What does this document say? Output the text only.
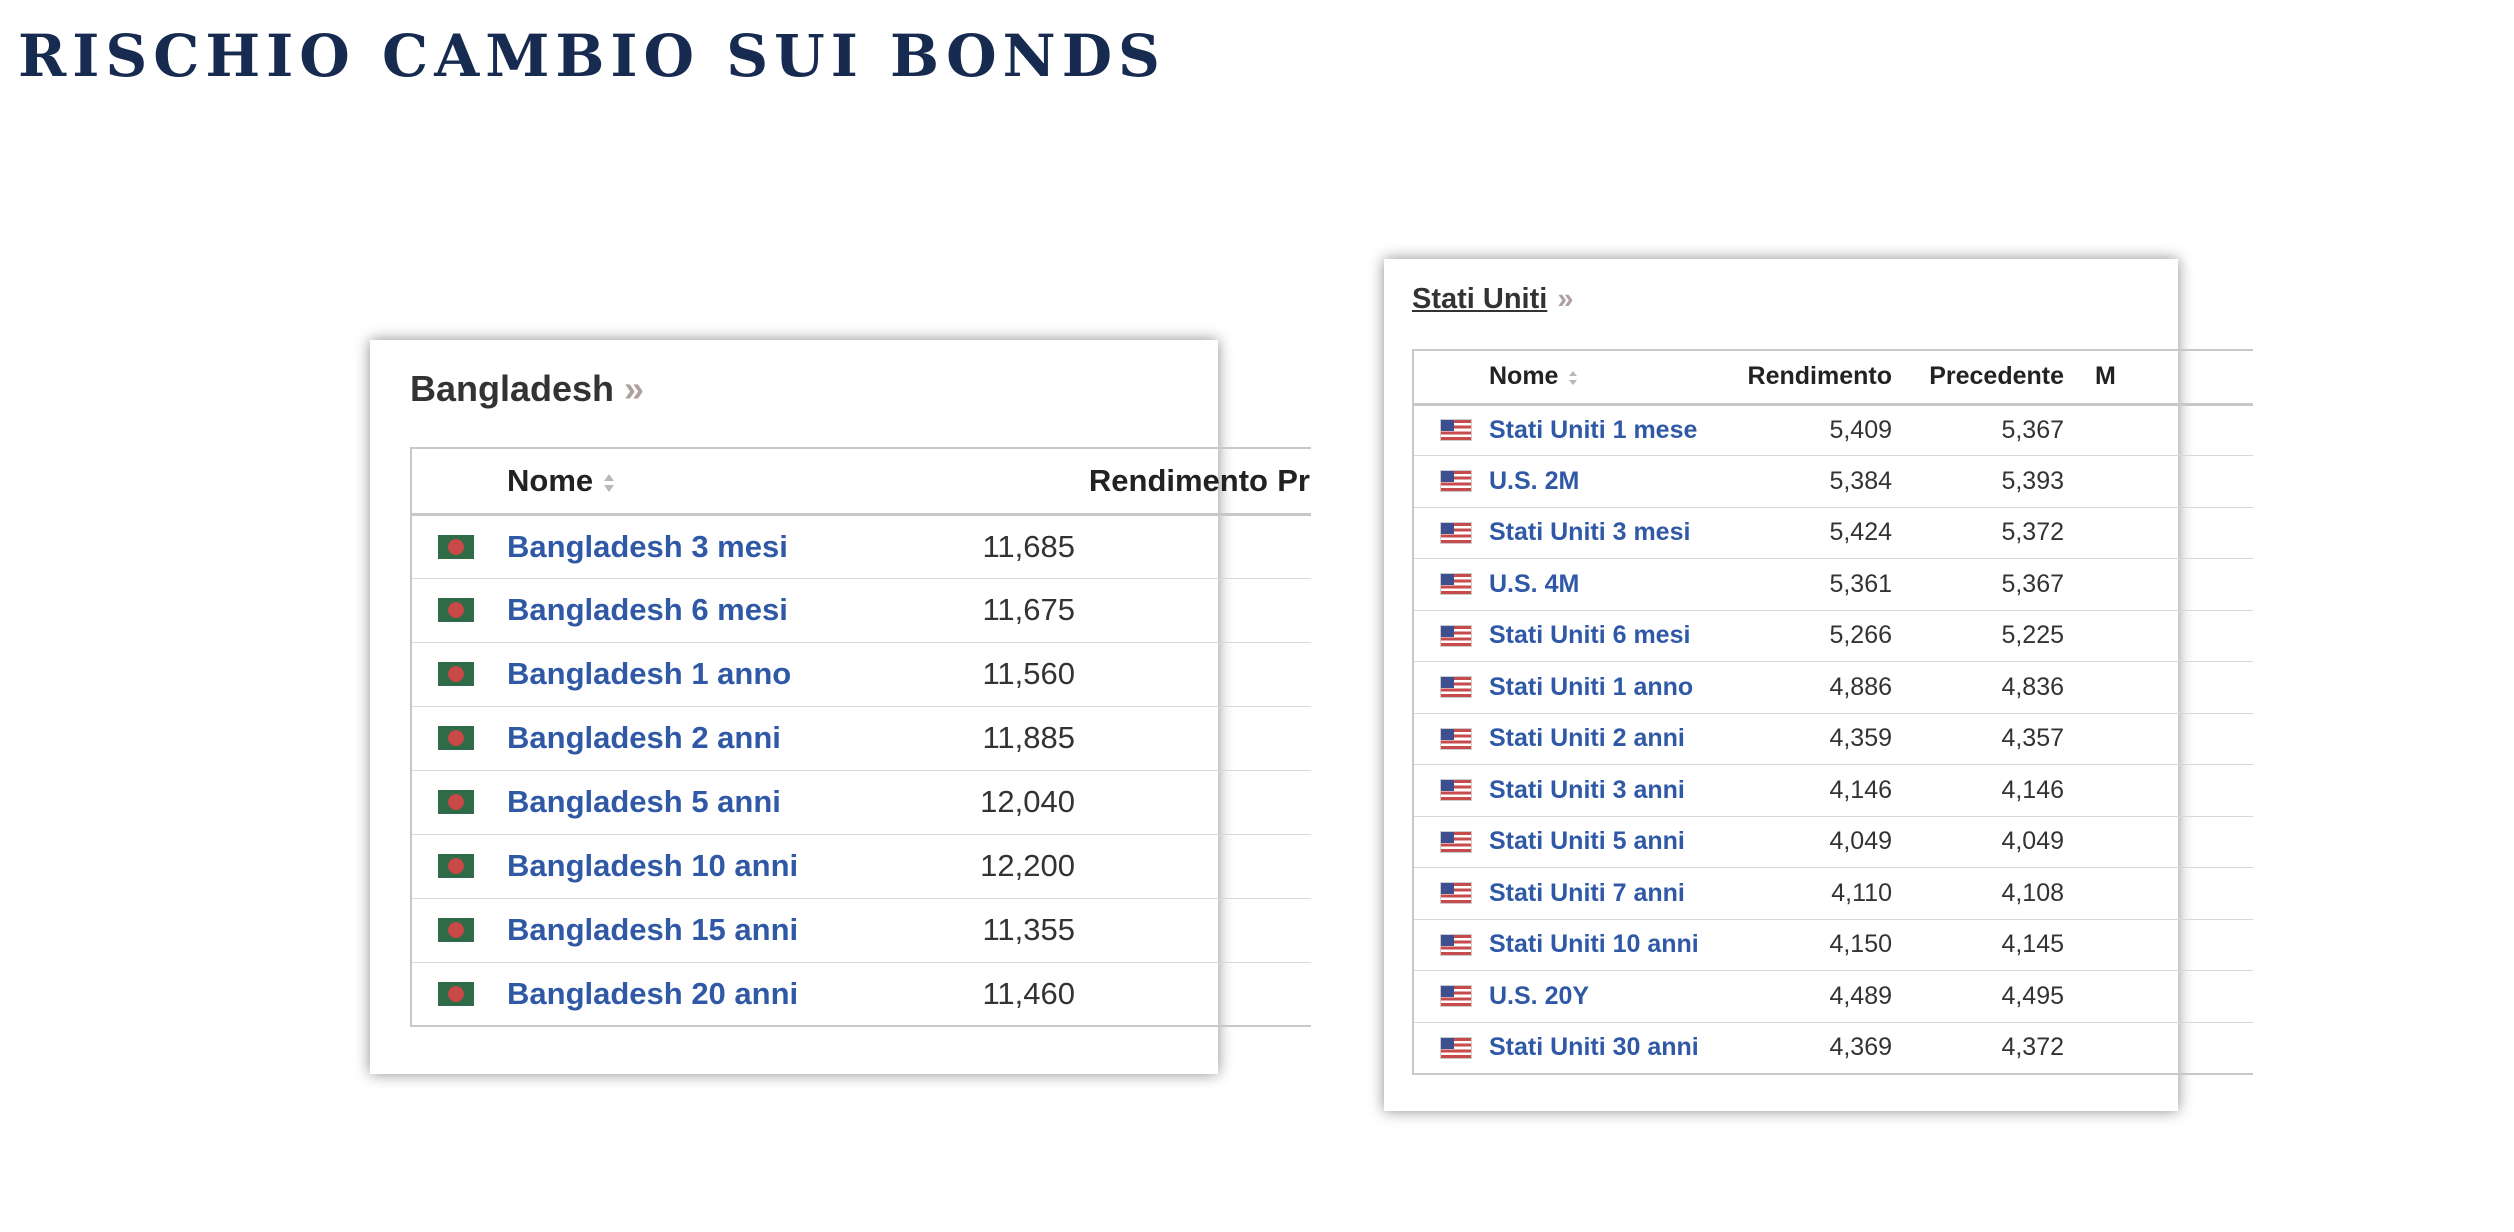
RISCHIO CAMBIO SUI BONDS
Bangladesh »
	Nome	Rendimento Pr	

	Bangladesh 3 mesi	11,685	

	Bangladesh 6 mesi	11,675	

	Bangladesh 1 anno	11,560	

	Bangladesh 2 anni	11,885	

	Bangladesh 5 anni	12,040	

	Bangladesh 10 anni	12,200	

	Bangladesh 15 anni	11,355	

	Bangladesh 20 anni	11,460	
Stati Uniti »
	Nome	Rendimento	Precedente	M

	Stati Uniti 1 mese	5,409	5,367	

	U.S. 2M	5,384	5,393	

	Stati Uniti 3 mesi	5,424	5,372	

	U.S. 4M	5,361	5,367	

	Stati Uniti 6 mesi	5,266	5,225	

	Stati Uniti 1 anno	4,886	4,836	

	Stati Uniti 2 anni	4,359	4,357	

	Stati Uniti 3 anni	4,146	4,146	

	Stati Uniti 5 anni	4,049	4,049	

	Stati Uniti 7 anni	4,110	4,108	

	Stati Uniti 10 anni	4,150	4,145	

	U.S. 20Y	4,489	4,495	

	Stati Uniti 30 anni	4,369	4,372	
